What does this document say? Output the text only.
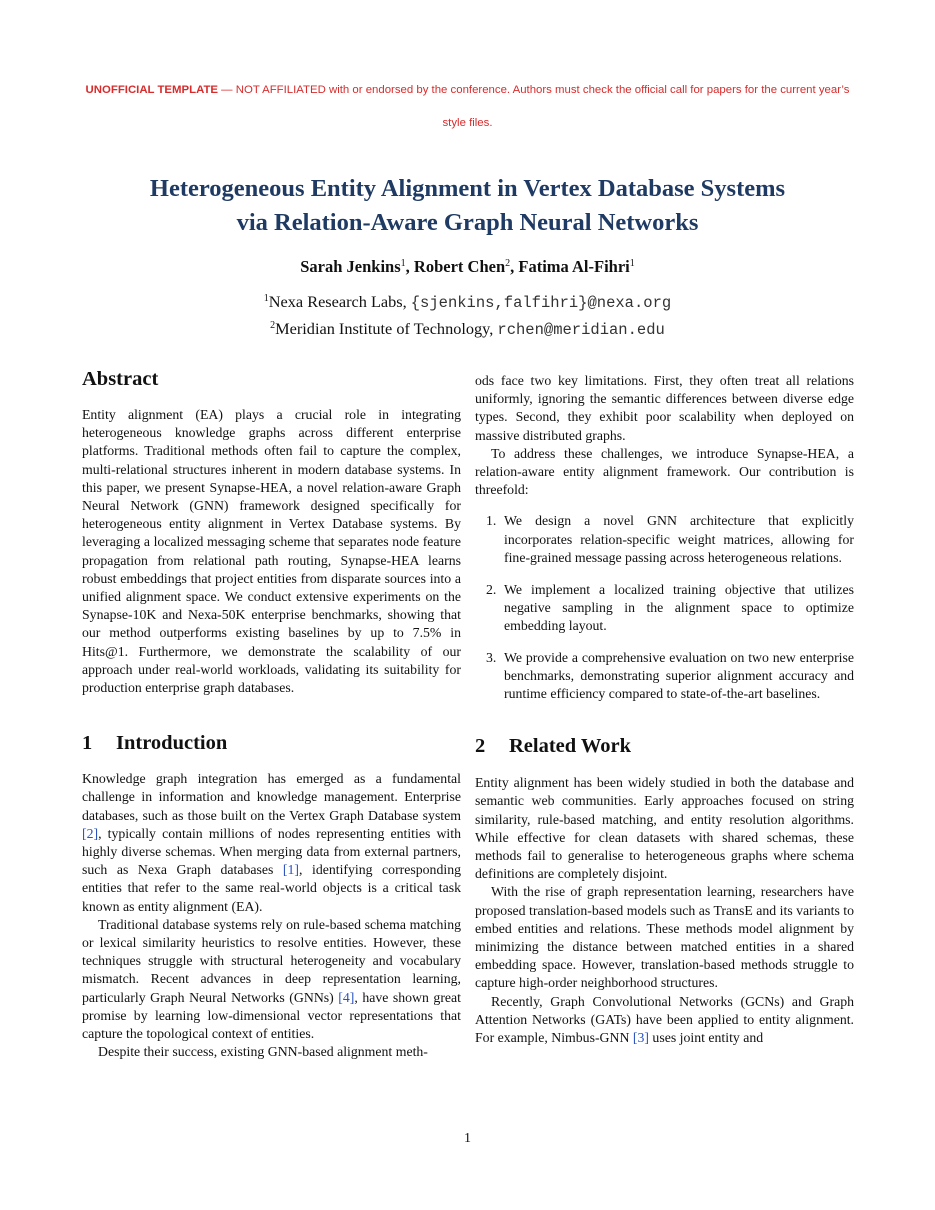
UNOFFICIAL TEMPLATE — NOT AFFILIATED with or endorsed by the conference. Authors must check the official call for papers for the current year’s style files.
Heterogeneous Entity Alignment in Vertex Database Systems
via Relation-Aware Graph Neural Networks
Sarah Jenkins$^1$, Robert Chen$^2$, Fatima Al-Fihri$^1$
$^1$Nexa Research Labs, {sjenkins,falfihri}@nexa.org
$^2$Meridian Institute of Technology, rchen@meridian.edu
Abstract

Entity alignment (EA) plays a crucial role in integrating heterogeneous knowledge graphs across different enterprise platforms. Traditional methods often fail to capture the complex, multi-relational structures inherent in modern database systems. In this paper, we present Synapse-HEA, a novel relation-aware Graph Neural Network (GNN) framework designed specifically for heterogeneous entity alignment in Vertex Database systems. By leveraging a localized messaging scheme that separates node feature propagation from relational path routing, Synapse-HEA learns robust embeddings that project entities from disparate sources into a unified alignment space. We conduct extensive experiments on the Synapse-10K and Nexa-50K enterprise benchmarks, showing that our method outperforms existing baselines by up to 7.5% in Hits@1. Furthermore, we demonstrate the scalability of our approach under real-world workloads, validating its suitability for production enterprise graph databases.

1 Introduction

Knowledge graph integration has emerged as a fundamental challenge in information and knowledge management. Enterprise databases, such as those built on the Vertex Graph Database system [2], typically contain millions of nodes representing entities with highly diverse schemas. When merging data from external partners, such as Nexa Graph databases [1], identifying corresponding entities that refer to the same real-world objects is a critical task known as entity alignment (EA).

Traditional database systems rely on rule-based schema matching or lexical similarity heuristics to resolve entities. However, these techniques struggle with structural heterogeneity and vocabulary mismatch. Recent advances in deep representation learning, particularly Graph Neural Networks (GNNs) [4], have shown great promise by learning low-dimensional vector representations that capture the topological context of entities.

Despite their success, existing GNN-based alignment meth-

ods face two key limitations. First, they often treat all relations uniformly, ignoring the semantic differences between diverse edge types. Second, they exhibit poor scalability when deployed on massive distributed graphs.

To address these challenges, we introduce Synapse-HEA, a relation-aware entity alignment framework. Our contribution is threefold:

1. We design a novel GNN architecture that explicitly incorporates relation-specific weight matrices, allowing for fine-grained message passing across heterogeneous relations.
2. We implement a localized training objective that utilizes negative sampling in the alignment space to optimize embedding layout.
3. We provide a comprehensive evaluation on two new enterprise benchmarks, demonstrating superior alignment accuracy and runtime efficiency compared to state-of-the-art baselines.
2 Related Work

Entity alignment has been widely studied in both the database and semantic web communities. Early approaches focused on string similarity, rule-based matching, and entity resolution algorithms. While effective for clean datasets with shared schemas, these methods fail to generalise to heterogeneous graphs where schema definitions are completely disjoint.

With the rise of graph representation learning, researchers have proposed translation-based models such as TransE and its variants to embed entities and relations. These methods model alignment by minimizing the distance between matched entities in a shared embedding space. However, translation-based methods struggle to capture high-order neighborhood structures.

Recently, Graph Convolutional Networks (GCNs) and Graph Attention Networks (GATs) have been applied to entity alignment. For example, Nimbus-GNN [3] uses joint entity and

1
